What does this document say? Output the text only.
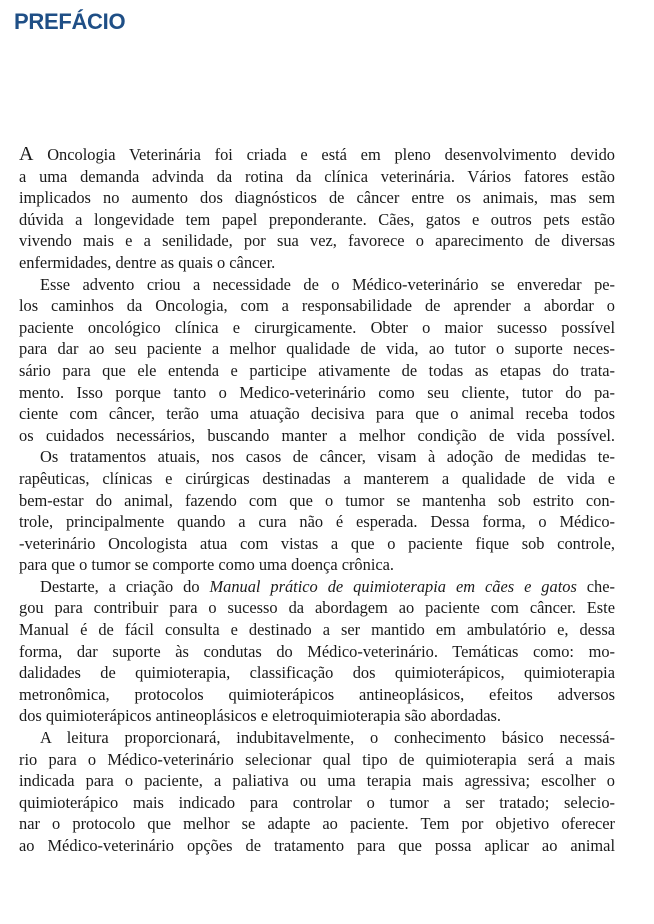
PREFÁCIO
A Oncologia Veterinária foi criada e está em pleno desenvolvimento devido
a uma demanda advinda da rotina da clínica veterinária. Vários fatores estão
implicados no aumento dos diagnósticos de câncer entre os animais, mas sem
dúvida a longevidade tem papel preponderante. Cães, gatos e outros pets estão
vivendo mais e a senilidade, por sua vez, favorece o aparecimento de diversas
enfermidades, dentre as quais o câncer.
Esse advento criou a necessidade de o Médico-veterinário se enveredar pe-
los caminhos da Oncologia, com a responsabilidade de aprender a abordar o
paciente oncológico clínica e cirurgicamente. Obter o maior sucesso possível
para dar ao seu paciente a melhor qualidade de vida, ao tutor o suporte neces-
sário para que ele entenda e participe ativamente de todas as etapas do trata-
mento. Isso porque tanto o Medico-veterinário como seu cliente, tutor do pa-
ciente com câncer, terão uma atuação decisiva para que o animal receba todos
os cuidados necessários, buscando manter a melhor condição de vida possível.
Os tratamentos atuais, nos casos de câncer, visam à adoção de medidas te-
rapêuticas, clínicas e cirúrgicas destinadas a manterem a qualidade de vida e
bem-estar do animal, fazendo com que o tumor se mantenha sob estrito con-
trole, principalmente quando a cura não é esperada. Dessa forma, o Médico-
-veterinário Oncologista atua com vistas a que o paciente fique sob controle,
para que o tumor se comporte como uma doença crônica.
Destarte, a criação do Manual prático de quimioterapia em cães e gatos che-
gou para contribuir para o sucesso da abordagem ao paciente com câncer. Este
Manual é de fácil consulta e destinado a ser mantido em ambulatório e, dessa
forma, dar suporte às condutas do Médico-veterinário. Temáticas como: mo-
dalidades de quimioterapia, classificação dos quimioterápicos, quimioterapia
metronômica, protocolos quimioterápicos antineoplásicos, efeitos adversos
dos quimioterápicos antineoplásicos e eletroquimioterapia são abordadas.
A leitura proporcionará, indubitavelmente, o conhecimento básico necessá-
rio para o Médico-veterinário selecionar qual tipo de quimioterapia será a mais
indicada para o paciente, a paliativa ou uma terapia mais agressiva; escolher o
quimioterápico mais indicado para controlar o tumor a ser tratado; selecio-
nar o protocolo que melhor se adapte ao paciente. Tem por objetivo oferecer
ao Médico-veterinário opções de tratamento para que possa aplicar ao animal
